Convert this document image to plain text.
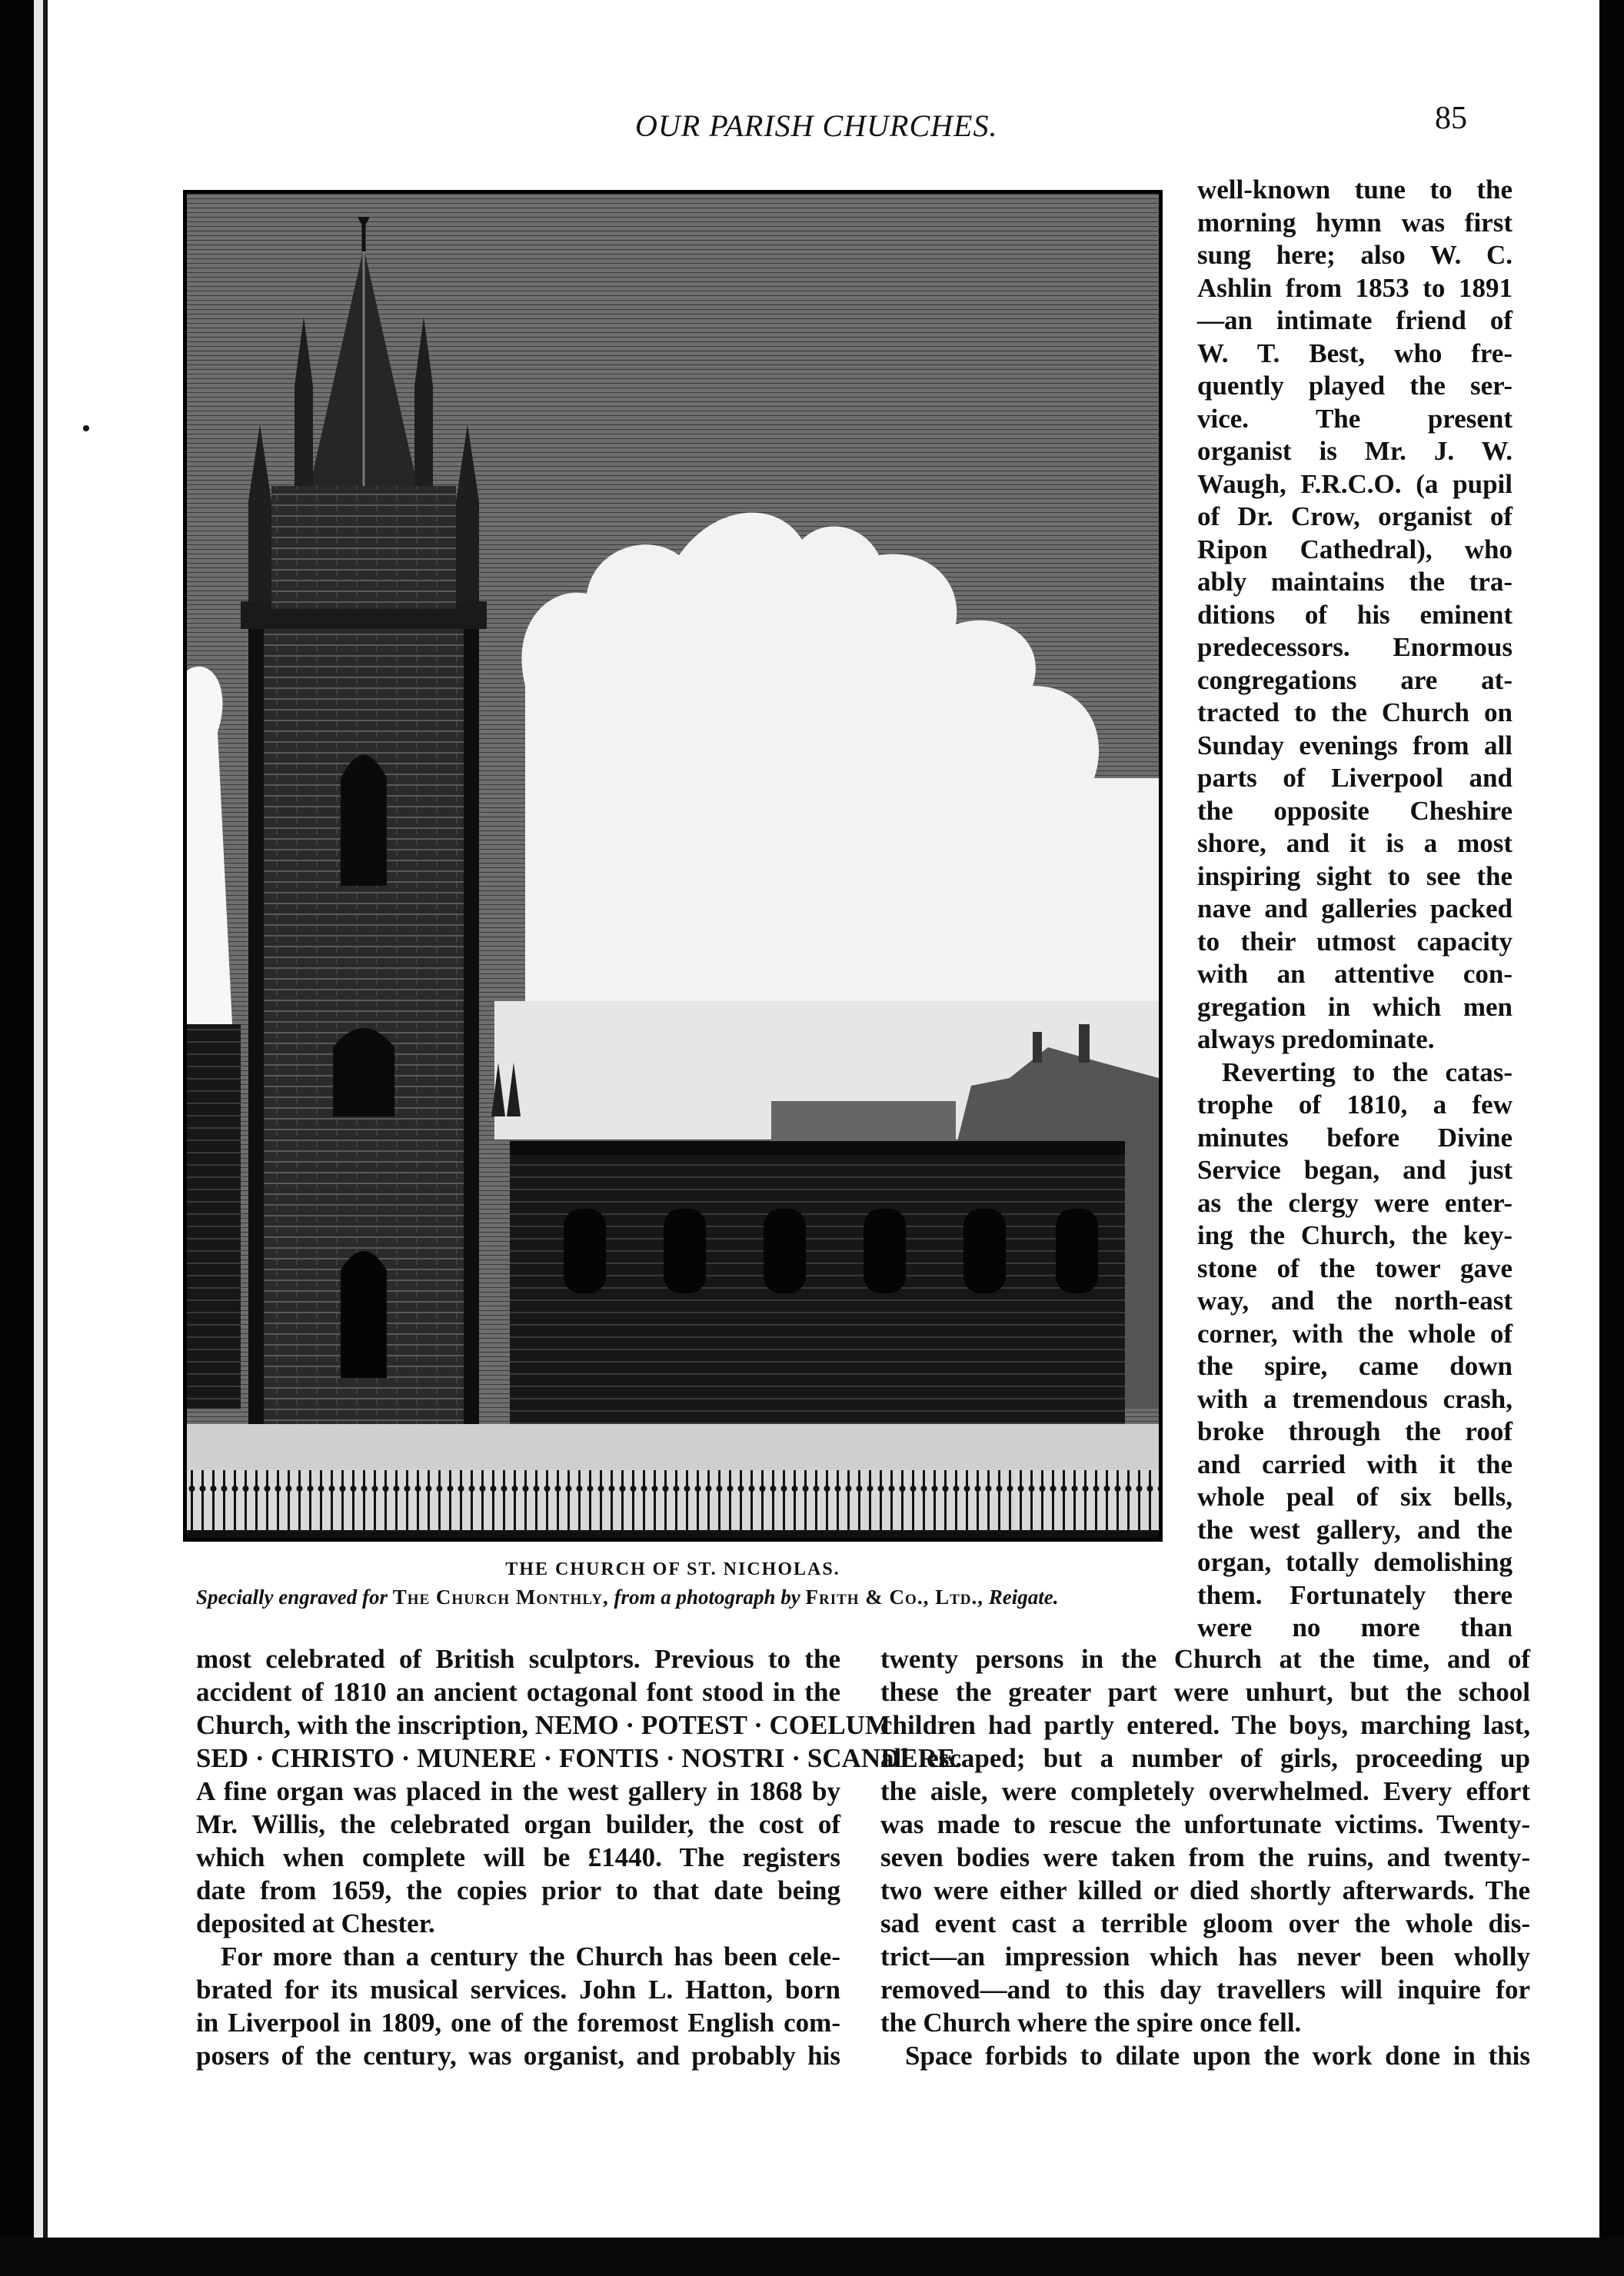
OUR PARISH CHURCHES.	85
THE CHURCH OF ST. NICHOLAS.
Specially engraved for The Church Monthly, from a photograph by Frith & Co., Ltd., Reigate.

well-known tune to the
morning hymn was first
sung here; also W. C.
Ashlin from 1853 to 1891
—an intimate friend of
W. T. Best, who fre-
quently played the ser-
vice. The present
organist is Mr. J. W.
Waugh, F.R.C.O. (a pupil
of Dr. Crow, organist of
Ripon Cathedral), who
ably maintains the tra-
ditions of his eminent
predecessors. Enormous
congregations are at-
tracted to the Church on
Sunday evenings from all
parts of Liverpool and
the opposite Cheshire
shore, and it is a most
inspiring sight to see the
nave and galleries packed
to their utmost capacity
with an attentive con-
gregation in which men
always predominate.

Reverting to the catas-
trophe of 1810, a few
minutes before Divine
Service began, and just
as the clergy were enter-
ing the Church, the key-
stone of the tower gave
way, and the north-east
corner, with the whole of
the spire, came down
with a tremendous crash,
broke through the roof
and carried with it the
whole peal of six bells,
the west gallery, and the
organ, totally demolishing
them. Fortunately there
were no more than

most celebrated of British sculptors. Previous to the
accident of 1810 an ancient octagonal font stood in the
Church, with the inscription, NEMO · POTEST · COELUM
SED · CHRISTO · MUNERE · FONTIS · NOSTRI · SCANDERE.
A fine organ was placed in the west gallery in 1868 by
Mr. Willis, the celebrated organ builder, the cost of
which when complete will be £1440. The registers
date from 1659, the copies prior to that date being
deposited at Chester.

For more than a century the Church has been cele-
brated for its musical services. John L. Hatton, born
in Liverpool in 1809, one of the foremost English com-
posers of the century, was organist, and probably his

twenty persons in the Church at the time, and of
these the greater part were unhurt, but the school
children had partly entered. The boys, marching last,
all escaped; but a number of girls, proceeding up
the aisle, were completely overwhelmed. Every effort
was made to rescue the unfortunate victims. Twenty-
seven bodies were taken from the ruins, and twenty-
two were either killed or died shortly afterwards. The
sad event cast a terrible gloom over the whole dis-
trict—an impression which has never been wholly
removed—and to this day travellers will inquire for
the Church where the spire once fell.

Space forbids to dilate upon the work done in this
